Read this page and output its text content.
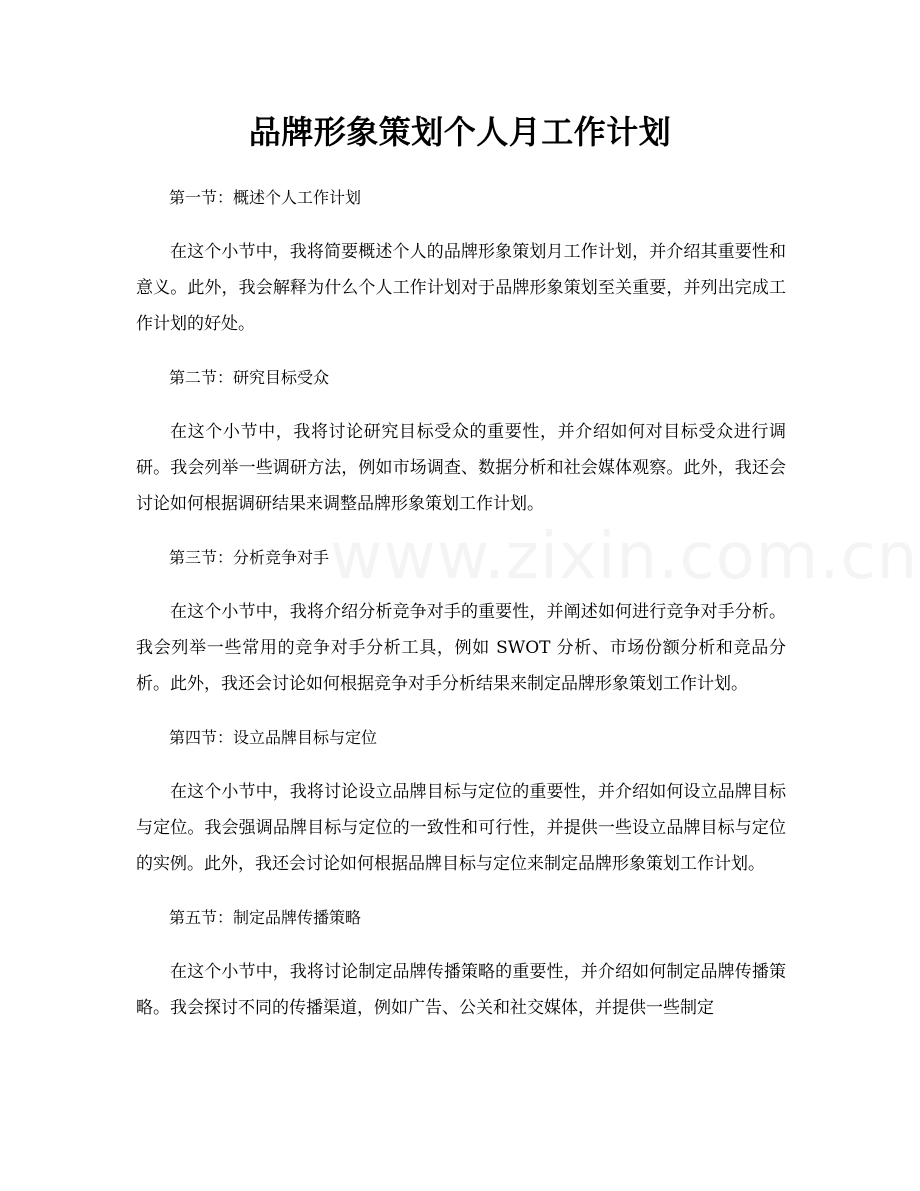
品牌形象策划个人月工作计划

第一节：概述个人工作计划

在这个小节中，我将简要概述个人的品牌形象策划月工作计划，并介绍其重要性和意义。此外，我会解释为什么个人工作计划对于品牌形象策划至关重要，并列出完成工作计划的好处。

第二节：研究目标受众

在这个小节中，我将讨论研究目标受众的重要性，并介绍如何对目标受众进行调研。我会列举一些调研方法，例如市场调查、数据分析和社会媒体观察。此外，我还会讨论如何根据调研结果来调整品牌形象策划工作计划。

第三节：分析竞争对手

在这个小节中，我将介绍分析竞争对手的重要性，并阐述如何进行竞争对手分析。我会列举一些常用的竞争对手分析工具，例如 SWOT 分析、市场份额分析和竞品分析。此外，我还会讨论如何根据竞争对手分析结果来制定品牌形象策划工作计划。

第四节：设立品牌目标与定位

在这个小节中，我将讨论设立品牌目标与定位的重要性，并介绍如何设立品牌目标与定位。我会强调品牌目标与定位的一致性和可行性，并提供一些设立品牌目标与定位的实例。此外，我还会讨论如何根据品牌目标与定位来制定品牌形象策划工作计划。

第五节：制定品牌传播策略

在这个小节中，我将讨论制定品牌传播策略的重要性，并介绍如何制定品牌传播策略。我会探讨不同的传播渠道，例如广告、公关和社交媒体，并提供一些制定
